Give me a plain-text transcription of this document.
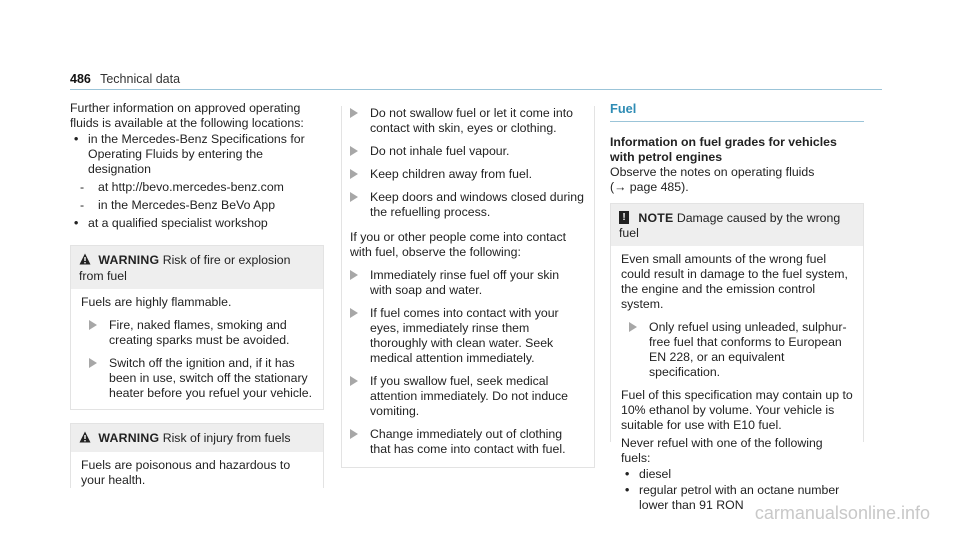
486 Technical data

Further information on approved operating fluids is available at the following locations:

• in the Mercedes-Benz Specifications for Operating Fluids by entering the designation
- at http://bevo.mercedes-benz.com
- in the Mercedes-Benz BeVo App
• at a qualified specialist workshop
WARNING Risk of fire or explosion from fuel

Fuels are highly flammable.

Fire, naked flames, smoking and creating sparks must be avoided.
Switch off the ignition and, if it has been in use, switch off the stationary heater before you refuel your vehicle.
WARNING Risk of injury from fuels

Fuels are poisonous and hazardous to your health.

Do not swallow fuel or let it come into contact with skin, eyes or clothing.
Do not inhale fuel vapour.
Keep children away from fuel.
Keep doors and windows closed during the refuelling process.

If you or other people come into contact with fuel, observe the following:

Immediately rinse fuel off your skin with soap and water.
If fuel comes into contact with your eyes, immediately rinse them thoroughly with clean water. Seek medical attention immediately.
If you swallow fuel, seek medical attention immediately. Do not induce vomiting.
Change immediately out of clothing that has come into contact with fuel.
Fuel
Information on fuel grades for vehicles with petrol engines

Observe the notes on operating fluids

(→ page 485).

! NOTE Damage caused by the wrong fuel

Even small amounts of the wrong fuel could result in damage to the fuel system, the engine and the emission control system.

Only refuel using unleaded, sulphur-free fuel that conforms to European EN 228, or an equivalent specification.

Fuel of this specification may contain up to 10% ethanol by volume. Your vehicle is suitable for use with E10 fuel.

Never refuel with one of the following fuels:

• diesel
• regular petrol with an octane number lower than 91 RON carmanualsonline.info
